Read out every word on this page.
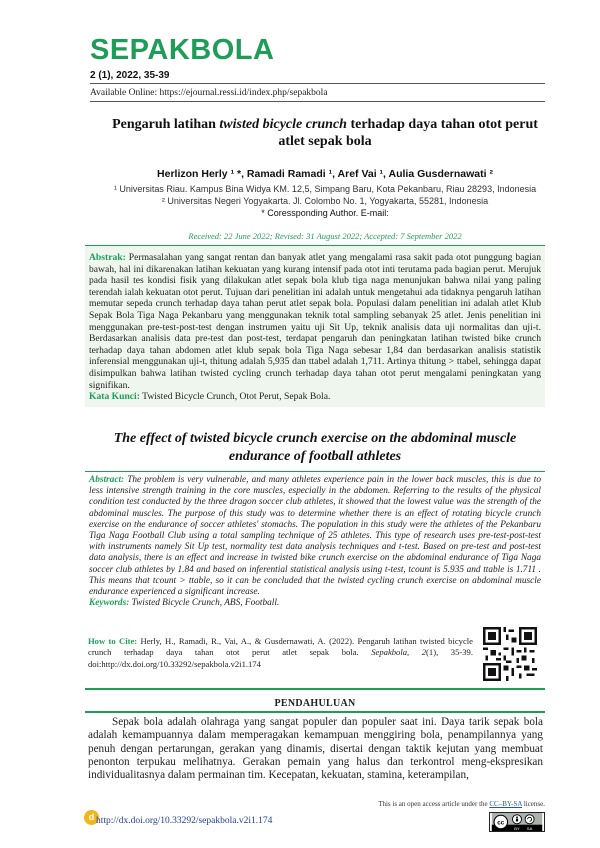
SEPAKBOLA
2 (1), 2022, 35-39
Available Online: https://ejournal.ressi.id/index.php/sepakbola
Pengaruh latihan twisted bicycle crunch terhadap daya tahan otot perut atlet sepak bola
Herlizon Herly ¹ *, Ramadi Ramadi ¹, Aref Vai ¹, Aulia Gusdernawati ²
¹ Universitas Riau. Kampus Bina Widya KM. 12,5, Simpang Baru, Kota Pekanbaru, Riau 28293, Indonesia
² Universitas Negeri Yogyakarta. Jl. Colombo No. 1, Yogyakarta, 55281, Indonesia
* Coressponding Author. E-mail:
Received: 22 June 2022; Revised: 31 August 2022; Accepted: 7 September 2022

Abstrak: Permasalahan yang sangat rentan dan banyak atlet yang mengalami rasa sakit pada otot punggung bagian bawah, hal ini dikarenakan latihan kekuatan yang kurang intensif pada otot inti terutama pada bagian perut. Merujuk pada hasil tes kondisi fisik yang dilakukan atlet sepak bola klub tiga naga menunjukan bahwa nilai yang paling terendah ialah kekuatan otot perut. Tujuan dari penelitian ini adalah untuk mengetahui ada tidaknya pengaruh latihan memutar sepeda crunch terhadap daya tahan perut atlet sepak bola. Populasi dalam penelitian ini adalah atlet Klub Sepak Bola Tiga Naga Pekanbaru yang menggunakan teknik total sampling sebanyak 25 atlet. Jenis penelitian ini menggunakan pre-test-post-test dengan instrumen yaitu uji Sit Up, teknik analisis data uji normalitas dan uji-t. Berdasarkan analisis data pre-test dan post-test, terdapat pengaruh dan peningkatan latihan twisted bike crunch terhadap daya tahan abdomen atlet klub sepak bola Tiga Naga sebesar 1,84 dan berdasarkan analisis statistik inferensial menggunakan uji-t, thitung adalah 5,935 dan ttabel adalah 1,711. Artinya thitung > ttabel, sehingga dapat disimpulkan bahwa latihan twisted cycling crunch terhadap daya tahan otot perut mengalami peningkatan yang signifikan.

Kata Kunci: Twisted Bicycle Crunch, Otot Perut, Sepak Bola.

The effect of twisted bicycle crunch exercise on the abdominal muscle endurance of football athletes

Abstract: The problem is very vulnerable, and many athletes experience pain in the lower back muscles, this is due to less intensive strength training in the core muscles, especially in the abdomen. Referring to the results of the physical condition test conducted by the three dragon soccer club athletes, it showed that the lowest value was the strength of the abdominal muscles. The purpose of this study was to determine whether there is an effect of rotating bicycle crunch exercise on the endurance of soccer athletes' stomachs. The population in this study were the athletes of the Pekanbaru Tiga Naga Football Club using a total sampling technique of 25 athletes. This type of research uses pre-test-post-test with instruments namely Sit Up test, normality test data analysis techniques and t-test. Based on pre-test and post-test data analysis, there is an effect and increase in twisted bike crunch exercise on the abdominal endurance of Tiga Naga soccer club athletes by 1.84 and based on inferential statistical analysis using t-test, tcount is 5.935 and ttable is 1.711 . This means that tcount > ttable, so it can be concluded that the twisted cycling crunch exercise on abdominal muscle endurance experienced a significant increase.

Keywords: Twisted Bicycle Crunch, ABS, Football.

How to Cite: Herly, H., Ramadi, R., Vai, A., & Gusdernawati, A. (2022). Pengaruh latihan twisted bicycle crunch terhadap daya tahan otot perut atlet sepak bola. Sepakbola, 2(1), 35-39. doi:http://dx.doi.org/10.33292/sepakbola.v2i1.174
PENDAHULUAN

Sepak bola adalah olahraga yang sangat populer dan populer saat ini. Daya tarik sepak bola adalah kemampuannya dalam memperagakan kemampuan menggiring bola, penampilannya yang penuh dengan pertarungan, gerakan yang dinamis, disertai dengan taktik kejutan yang membuat penonton terpukau melihatnya. Gerakan pemain yang halus dan terkontrol meng-ekspresikan individualitasnya dalam permainan tim. Kecepatan, kekuatan, stamina, keterampilan,

This is an open access article under the CC–BY-SA license.
d http://dx.doi.org/10.33292/sepakbola.v2i1.174	cc
BY SA
